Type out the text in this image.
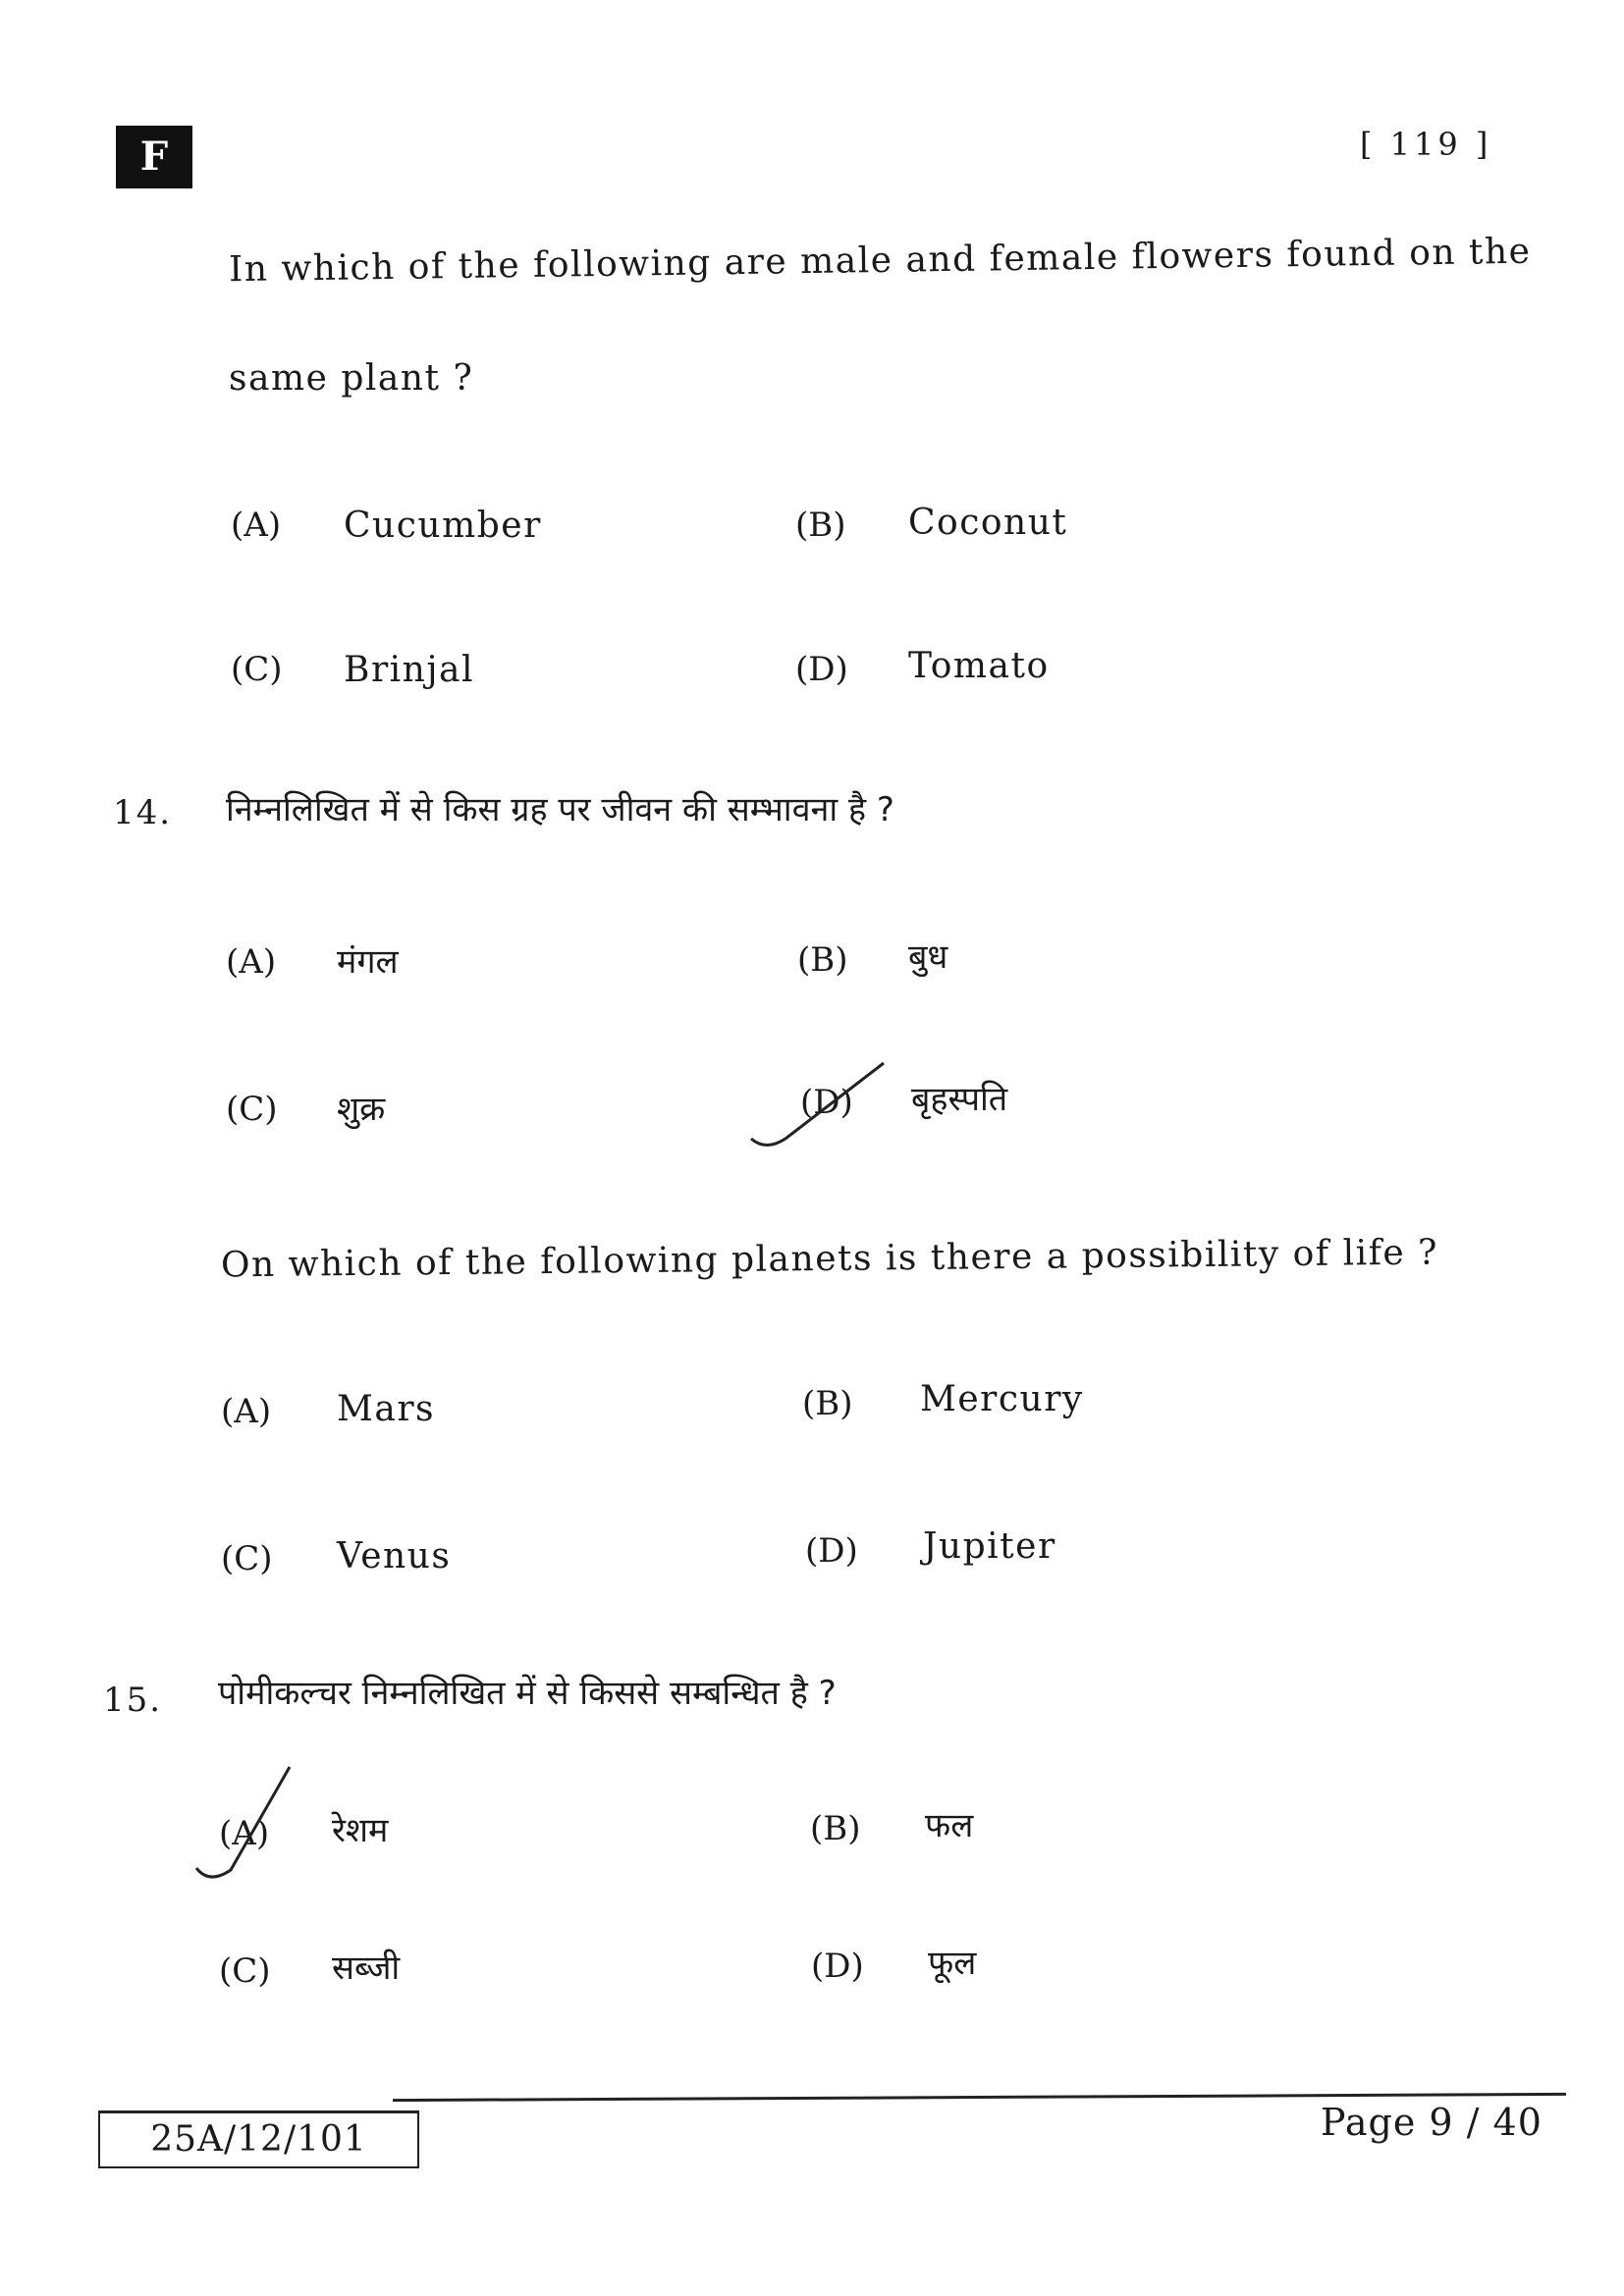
F	[ 119 ]
In which of the following are male and female flowers found on the
same plant ?
(A) Cucumber	(B) Coconut
(C) Brinjal	(D) Tomato
14. निम्नलिखित में से किस ग्रह पर जीवन की सम्भावना है ?
(A) मंगल	(B) बुध
(C) शुक्र	(D) बृहस्पति
On which of the following planets is there a possibility of life ?
(A) Mars	(B) Mercury
(C) Venus	(D) Jupiter
15. पोमीकल्चर निम्नलिखित में से किससे सम्बन्धित है ?
(A) रेशम	(B) फल
(C) सब्जी	(D) फूल
25A/12/101	Page 9 / 40
